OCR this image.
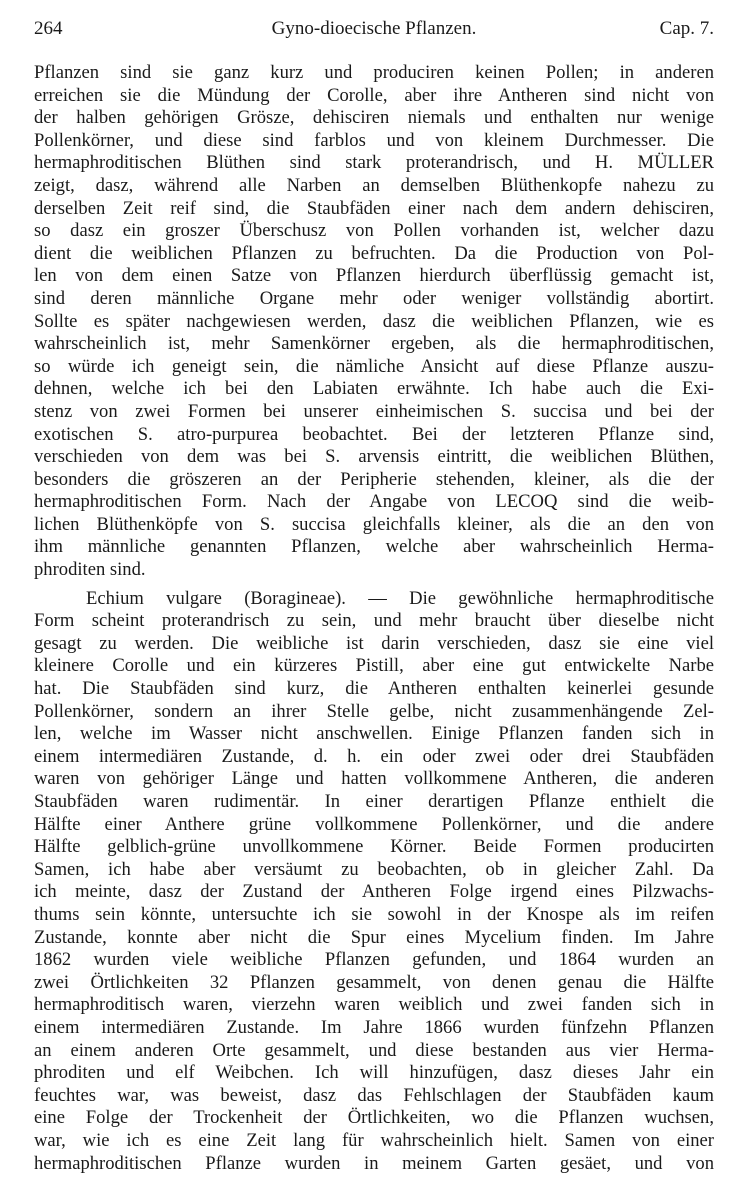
264	Gyno-dioecische Pflanzen.	Cap. 7.
Pflanzen sind sie ganz kurz und produciren keinen Pollen; in anderen
erreichen sie die Mündung der Corolle, aber ihre Antheren sind nicht von
der halben gehörigen Grösze, dehisciren niemals und enthalten nur wenige
Pollenkörner, und diese sind farblos und von kleinem Durchmesser. Die
hermaphroditischen Blüthen sind stark proterandrisch, und H. MÜLLER
zeigt, dasz, während alle Narben an demselben Blüthenkopfe nahezu zu
derselben Zeit reif sind, die Staubfäden einer nach dem andern dehisciren,
so dasz ein groszer Überschusz von Pollen vorhanden ist, welcher dazu
dient die weiblichen Pflanzen zu befruchten. Da die Production von Pol-
len von dem einen Satze von Pflanzen hierdurch überflüssig gemacht ist,
sind deren männliche Organe mehr oder weniger vollständig abortirt.
Sollte es später nachgewiesen werden, dasz die weiblichen Pflanzen, wie es
wahrscheinlich ist, mehr Samenkörner ergeben, als die hermaphroditischen,
so würde ich geneigt sein, die nämliche Ansicht auf diese Pflanze auszu-
dehnen, welche ich bei den Labiaten erwähnte. Ich habe auch die Exi-
stenz von zwei Formen bei unserer einheimischen S. succisa und bei der
exotischen S. atro-purpurea beobachtet. Bei der letzteren Pflanze sind,
verschieden von dem was bei S. arvensis eintritt, die weiblichen Blüthen,
besonders die gröszeren an der Peripherie stehenden, kleiner, als die der
hermaphroditischen Form. Nach der Angabe von LECOQ sind die weib-
lichen Blüthenköpfe von S. succisa gleichfalls kleiner, als die an den von
ihm männliche genannten Pflanzen, welche aber wahrscheinlich Herma-
phroditen sind.
Echium vulgare (Boragineae). — Die gewöhnliche hermaphroditische
Form scheint proterandrisch zu sein, und mehr braucht über dieselbe nicht
gesagt zu werden. Die weibliche ist darin verschieden, dasz sie eine viel
kleinere Corolle und ein kürzeres Pistill, aber eine gut entwickelte Narbe
hat. Die Staubfäden sind kurz, die Antheren enthalten keinerlei gesunde
Pollenkörner, sondern an ihrer Stelle gelbe, nicht zusammenhängende Zel-
len, welche im Wasser nicht anschwellen. Einige Pflanzen fanden sich in
einem intermediären Zustande, d. h. ein oder zwei oder drei Staubfäden
waren von gehöriger Länge und hatten vollkommene Antheren, die anderen
Staubfäden waren rudimentär. In einer derartigen Pflanze enthielt die
Hälfte einer Anthere grüne vollkommene Pollenkörner, und die andere
Hälfte gelblich-grüne unvollkommene Körner. Beide Formen producirten
Samen, ich habe aber versäumt zu beobachten, ob in gleicher Zahl. Da
ich meinte, dasz der Zustand der Antheren Folge irgend eines Pilzwachs-
thums sein könnte, untersuchte ich sie sowohl in der Knospe als im reifen
Zustande, konnte aber nicht die Spur eines Mycelium finden. Im Jahre
1862 wurden viele weibliche Pflanzen gefunden, und 1864 wurden an
zwei Örtlichkeiten 32 Pflanzen gesammelt, von denen genau die Hälfte
hermaphroditisch waren, vierzehn waren weiblich und zwei fanden sich in
einem intermediären Zustande. Im Jahre 1866 wurden fünfzehn Pflanzen
an einem anderen Orte gesammelt, und diese bestanden aus vier Herma-
phroditen und elf Weibchen. Ich will hinzufügen, dasz dieses Jahr ein
feuchtes war, was beweist, dasz das Fehlschlagen der Staubfäden kaum
eine Folge der Trockenheit der Örtlichkeiten, wo die Pflanzen wuchsen,
war, wie ich es eine Zeit lang für wahrscheinlich hielt. Samen von einer
hermaphroditischen Pflanze wurden in meinem Garten gesäet, und von
